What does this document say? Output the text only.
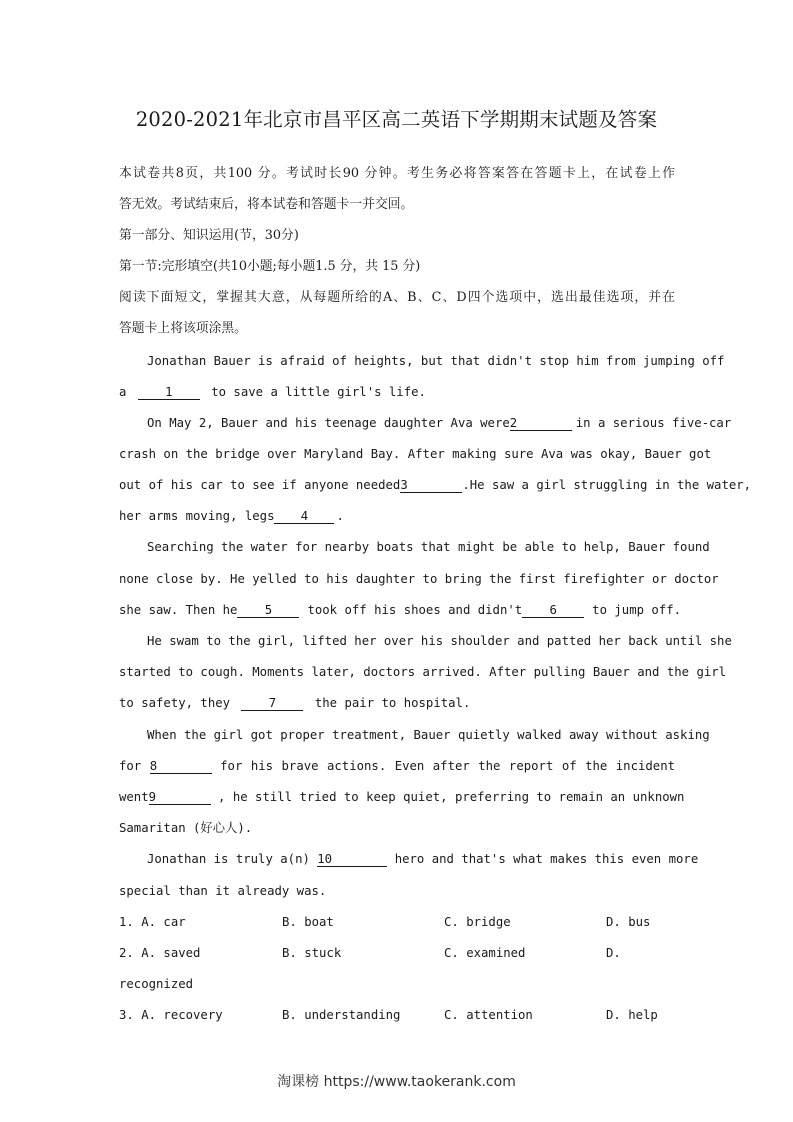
2020-2021年北京市昌平区高二英语下学期期末试题及答案
本试卷共8页，共100 分。考试时长90 分钟。考生务必将答案答在答题卡上，在试卷上作
答无效。考试结束后，将本试卷和答题卡一并交回。
第一部分、知识运用(节，30分)
第一节:完形填空(共10小题;每小题1.5 分，共 15 分)
阅读下面短文，掌握其大意，从每题所给的A、B、C、D四个选项中，选出最佳选项，并在
答题卡上将该项涂黑。
Jonathan Bauer is afraid of heights, but that didn't stop him from jumping off
a	1	to save a little girl's life.
On May 2, Bauer and his teenage daughter Ava were2	in a serious five-car
crash on the bridge over Maryland Bay. After making sure Ava was okay, Bauer got
out of his car to see if anyone needed3	.He saw a girl struggling in the water,
her arms moving, legs 4 .
Searching the water for nearby boats that might be able to help, Bauer found
none close by. He yelled to his daughter to bring the first firefighter or doctor
she saw. Then he 5	took off his shoes and didn't 6	to jump off.
He swam to the girl, lifted her over his shoulder and patted her back until she
started to cough. Moments later, doctors arrived. After pulling Bauer and the girl
to safety, they	7	the pair to hospital.
When the girl got proper treatment, Bauer quietly walked away without asking
for 8	for his brave actions. Even after the report of the incident
went9	, he still tried to keep quiet, preferring to remain an unknown
Samaritan (好心人).
Jonathan is truly a(n) 10	hero and that's what makes this even more
special than it already was.
1. A. car	B. boat	C. bridge	D. bus
2. A. saved	B. stuck	C. examined	D.
recognized
3. A. recovery	B. understanding	C. attention	D. help
淘课榜 https://www.taokerank.com
